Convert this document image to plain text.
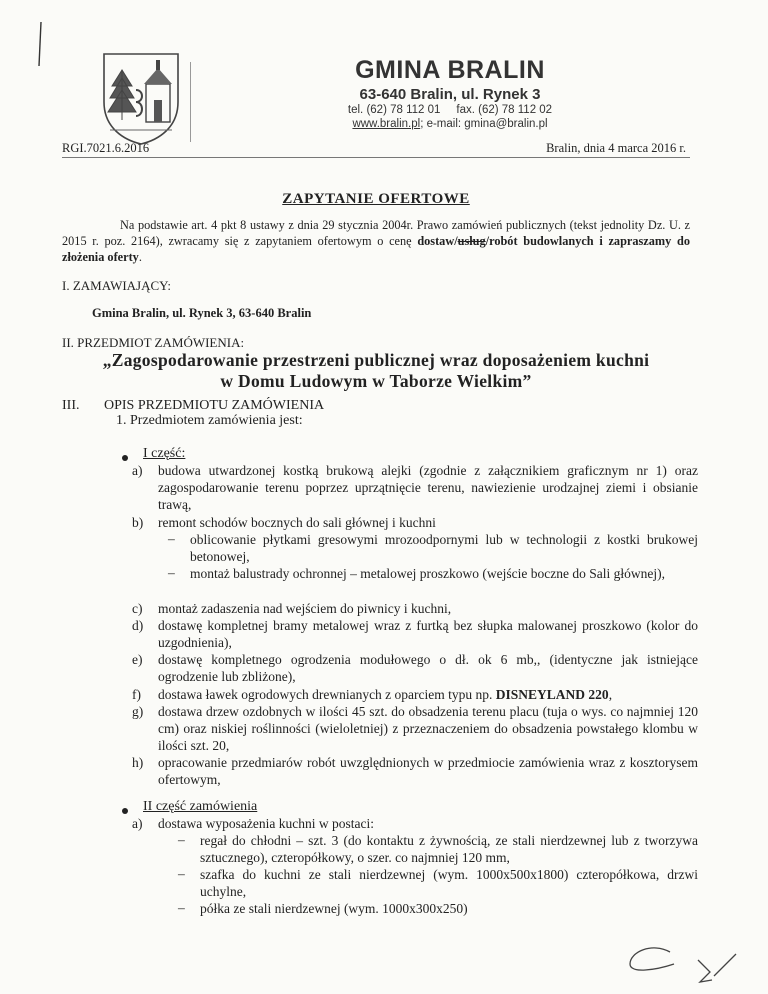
GMINA BRALIN
63-640 Bralin, ul. Rynek 3
tel. (62) 78 112 01 fax. (62) 78 112 02
www.bralin.pl; e-mail: gmina@bralin.pl
RGI.7021.6.2016	Bralin, dnia 4 marca 2016 r.
ZAPYTANIE OFERTOWE
Na podstawie art. 4 pkt 8 ustawy z dnia 29 stycznia 2004r. Prawo zamówień publicznych (tekst jednolity Dz. U. z 2015 r. poz. 2164), zwracamy się z zapytaniem ofertowym o cenę dostaw/usług/robót budowlanych i zapraszamy do złożenia oferty.
I. ZAMAWIAJĄCY:
Gmina Bralin, ul. Rynek 3, 63-640 Bralin
II. PRZEDMIOT ZAMÓWIENIA:
„Zagospodarowanie przestrzeni publicznej wraz doposażeniem kuchni
w Domu Ludowym w Taborze Wielkim”
III. OPIS PRZEDMIOTU ZAMÓWIENIA
1. Przedmiotem zamówienia jest:
I część:
a) budowa utwardzonej kostką brukową alejki (zgodnie z załącznikiem graficznym nr 1) oraz zagospodarowanie terenu poprzez uprzątnięcie terenu, nawiezienie urodzajnej ziemi i obsianie trawą,
b) remont schodów bocznych do sali głównej i kuchni
– oblicowanie płytkami gresowymi mrozoodpornymi lub w technologii z kostki brukowej betonowej,
– montaż balustrady ochronnej – metalowej proszkowo (wejście boczne do Sali głównej),
c) montaż zadaszenia nad wejściem do piwnicy i kuchni,
d) dostawę kompletnej bramy metalowej wraz z furtką bez słupka malowanej proszkowo (kolor do uzgodnienia),
e) dostawę kompletnego ogrodzenia modułowego o dł. ok 6 mb,, (identyczne jak istniejące ogrodzenie lub zbliżone),
f) dostawa ławek ogrodowych drewnianych z oparciem typu np. DISNEYLAND 220,
g) dostawa drzew ozdobnych w ilości 45 szt. do obsadzenia terenu placu (tuja o wys. co najmniej 120 cm) oraz niskiej roślinności (wieloletniej) z przeznaczeniem do obsadzenia powstałego klombu w ilości szt. 20,
h) opracowanie przedmiarów robót uwzględnionych w przedmiocie zamówienia wraz z kosztorysem ofertowym,
II część zamówienia
a) dostawa wyposażenia kuchni w postaci:
– regał do chłodni – szt. 3 (do kontaktu z żywnością, ze stali nierdzewnej lub z tworzywa sztucznego), czteropółkowy, o szer. co najmniej 120 mm,
– szafka do kuchni ze stali nierdzewnej (wym. 1000x500x1800) czteropółkowa, drzwi uchylne,
– półka ze stali nierdzewnej (wym. 1000x300x250)
